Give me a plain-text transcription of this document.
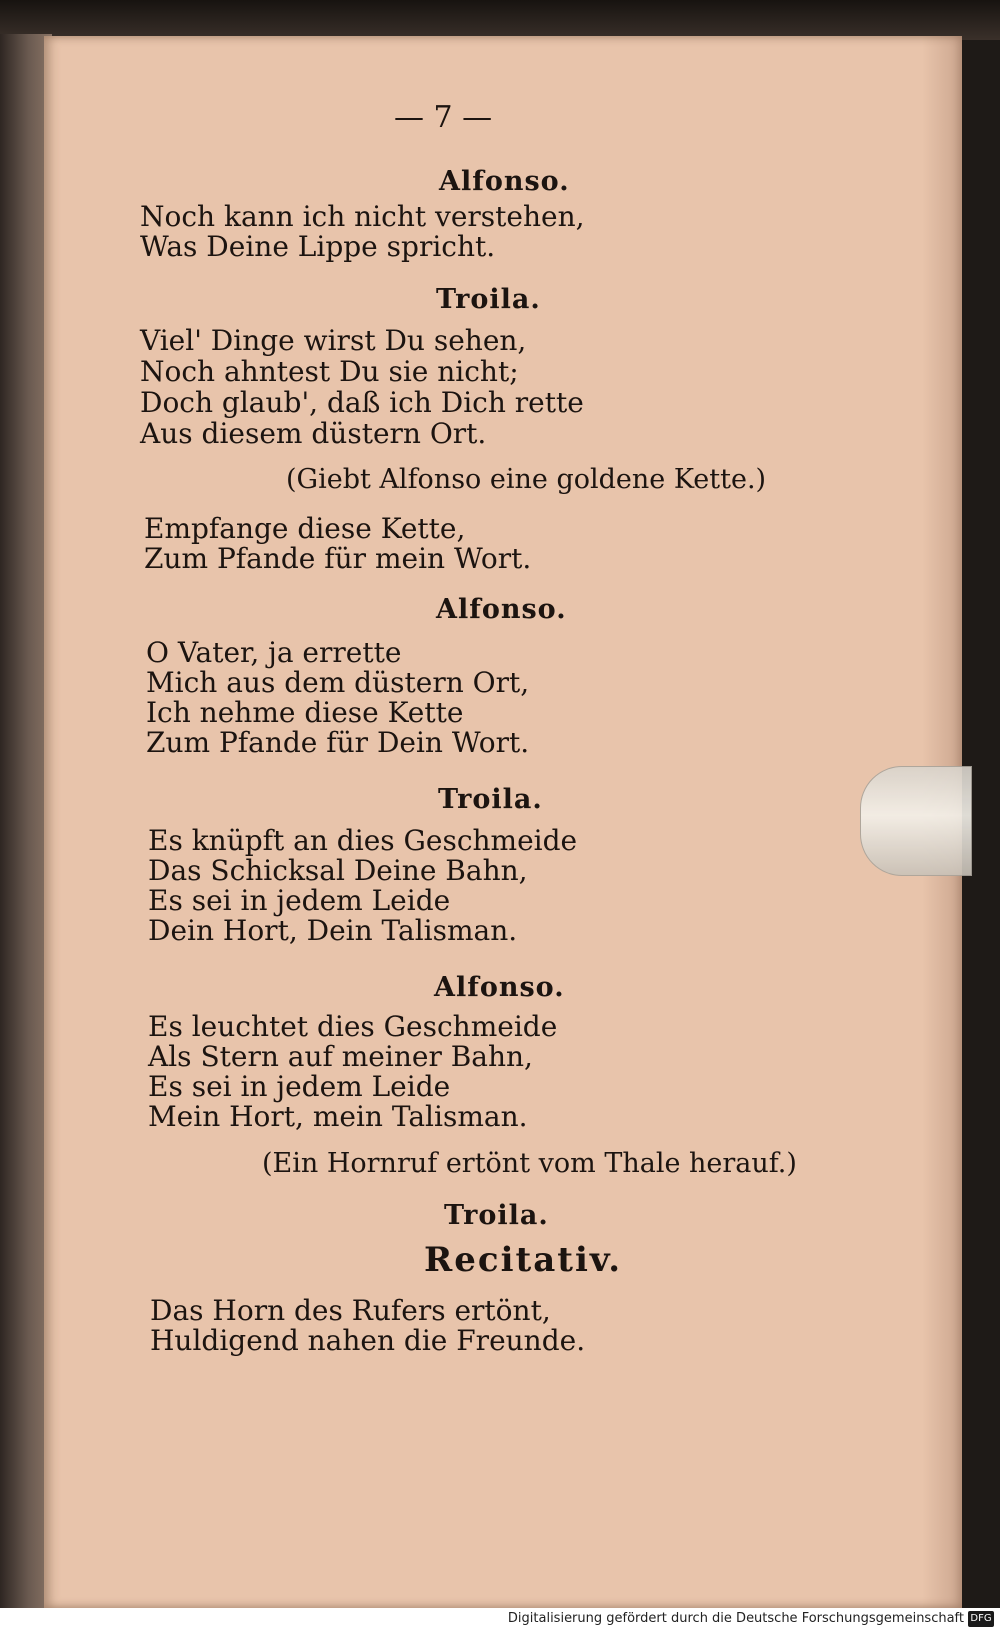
— 7 —
Alfonso.
Noch kann ich nicht verstehen,
Was Deine Lippe spricht.
Troila.
Viel' Dinge wirst Du sehen,
Noch ahntest Du sie nicht;
Doch glaub', daß ich Dich rette
Aus diesem düstern Ort.
(Giebt Alfonso eine goldene Kette.)
Empfange diese Kette,
Zum Pfande für mein Wort.
Alfonso.
O Vater, ja errette
Mich aus dem düstern Ort,
Ich nehme diese Kette
Zum Pfande für Dein Wort.
Troila.
Es knüpft an dies Geschmeide
Das Schicksal Deine Bahn,
Es sei in jedem Leide
Dein Hort, Dein Talisman.
Alfonso.
Es leuchtet dies Geschmeide
Als Stern auf meiner Bahn,
Es sei in jedem Leide
Mein Hort, mein Talisman.
(Ein Hornruf ertönt vom Thale herauf.)
Troila.
Recitativ.
Das Horn des Rufers ertönt,
Huldigend nahen die Freunde.
Digitalisierung gefördert durch die Deutsche Forschungsgemeinschaft DFG
